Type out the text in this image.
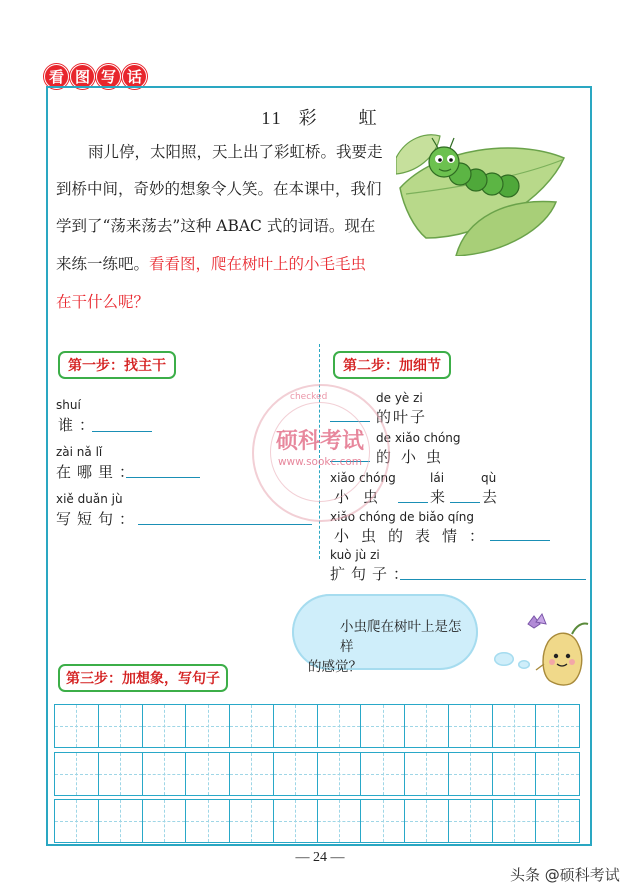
看 图 写 话
11 彩 虹
雨儿停，太阳照，天上出了彩虹桥。我要走
到桥中间，奇妙的想象令人笑。在本课中，我们
学到了“荡来荡去”这种 ABAC 式的词语。现在
来练一练吧。看看图，爬在树叶上的小毛毛虫
在干什么呢？
第一步：找主干	第二步：加细节
第三步：加想象，写句子
shuí
谁：
zài nǎ lǐ
在哪里：
xiě duǎn jù
写短句：
de yè zi
的叶子
de xiǎo chóng
的小虫
xiǎo chóng	lái	qù
小虫	来 去
xiǎo chóng de biǎo qíng
小虫的表情：
kuò jù zi
扩句子：
硕科考试
www.sookc.com
checked
小虫爬在树叶上是怎样
的感觉？
— 24 —
头条 @硕科考试
